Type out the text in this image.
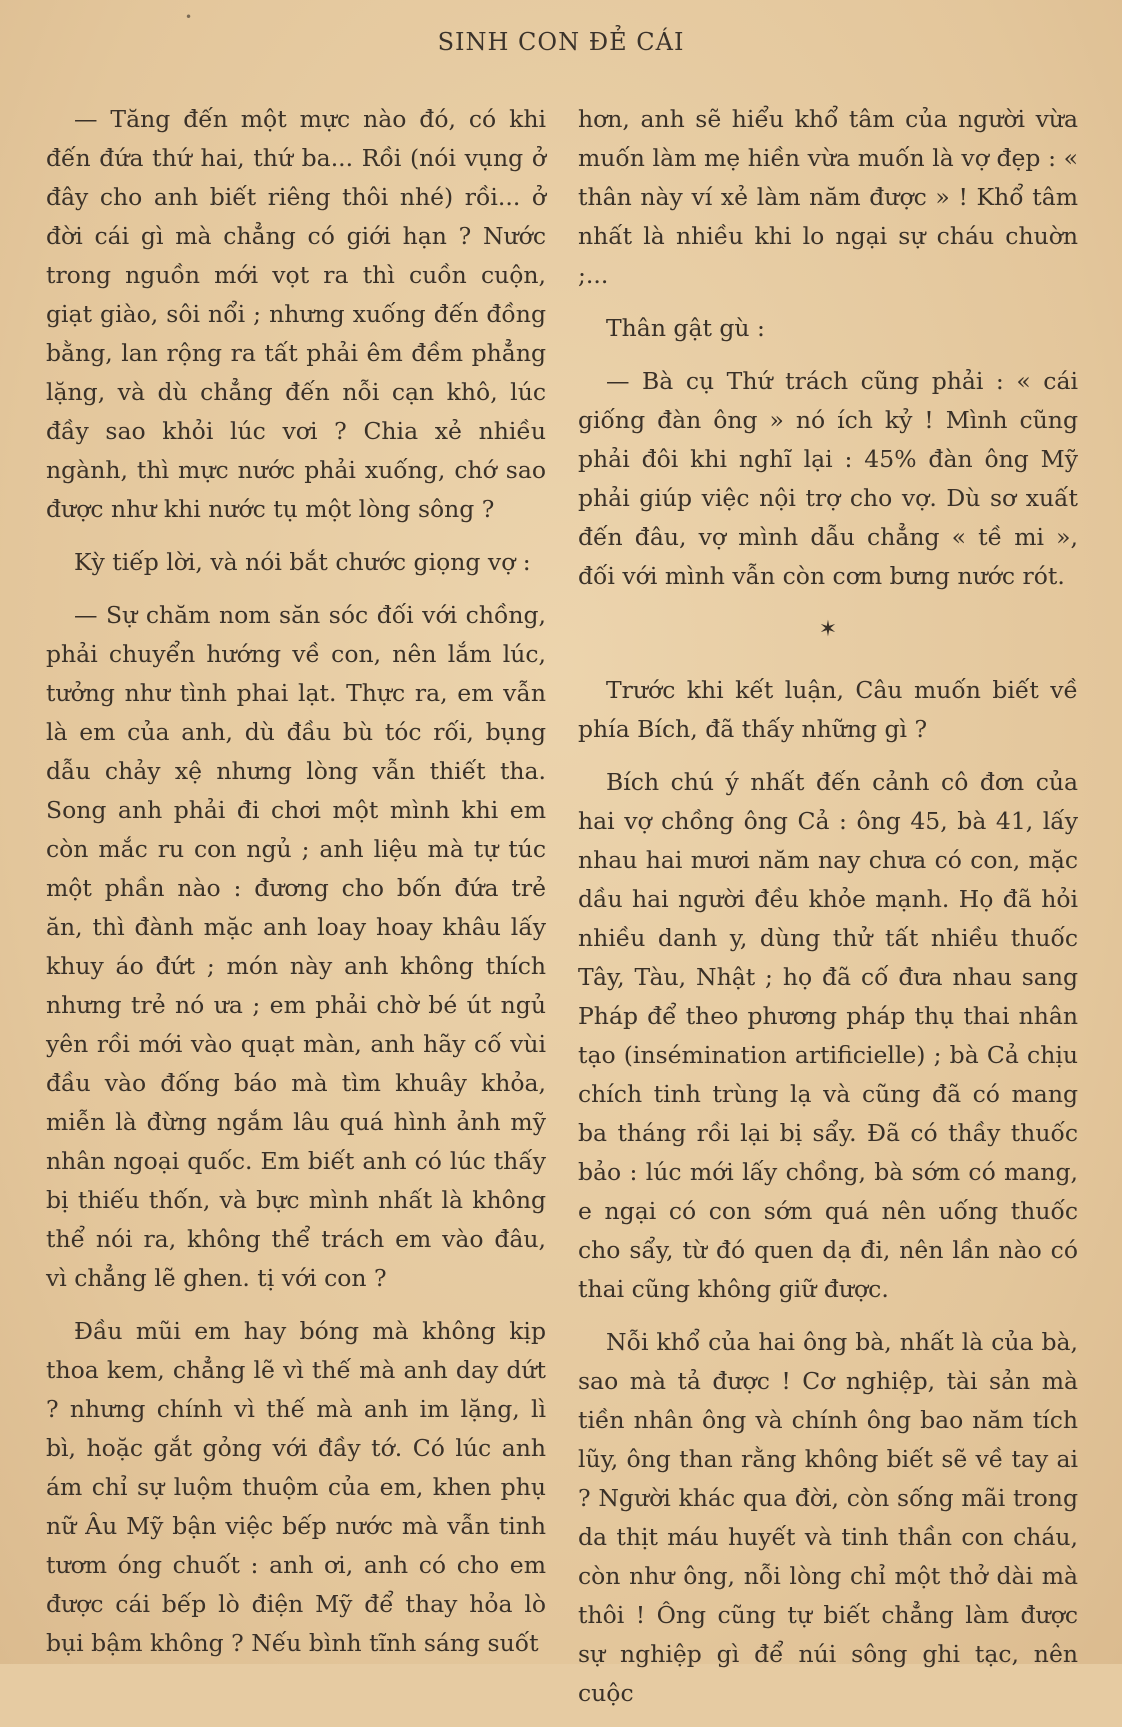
•
SINH CON ĐẺ CÁI

— Tăng đến một mực nào đó, có khi đến đứa thứ hai, thứ ba... Rồi (nói vụng ở đây cho anh biết riêng thôi nhé) rồi... ở đời cái gì mà chẳng có giới hạn ? Nước trong nguồn mới vọt ra thì cuồn cuộn, giạt giào, sôi nổi ; nhưng xuống đến đồng bằng, lan rộng ra tất phải êm đềm phẳng lặng, và dù chẳng đến nỗi cạn khô, lúc đầy sao khỏi lúc vơi ? Chia xẻ nhiều ngành, thì mực nước phải xuống, chớ sao được như khi nước tụ một lòng sông ?

Kỳ tiếp lời, và nói bắt chước giọng vợ :

— Sự chăm nom săn sóc đối với chồng, phải chuyển hướng về con, nên lắm lúc, tưởng như tình phai lạt. Thực ra, em vẫn là em của anh, dù đầu bù tóc rối, bụng dẫu chảy xệ nhưng lòng vẫn thiết tha. Song anh phải đi chơi một mình khi em còn mắc ru con ngủ ; anh liệu mà tự túc một phần nào : đương cho bốn đứa trẻ ăn, thì đành mặc anh loay hoay khâu lấy khuy áo đứt ; món này anh không thích nhưng trẻ nó ưa ; em phải chờ bé út ngủ yên rồi mới vào quạt màn, anh hãy cố vùi đầu vào đống báo mà tìm khuây khỏa, miễn là đừng ngắm lâu quá hình ảnh mỹ nhân ngoại quốc. Em biết anh có lúc thấy bị thiếu thốn, và bực mình nhất là không thể nói ra, không thể trách em vào đâu, vì chẳng lẽ ghen. tị với con ?

Đầu mũi em hay bóng mà không kịp thoa kem, chẳng lẽ vì thế mà anh day dứt ? nhưng chính vì thế mà anh im lặng, lì bì, hoặc gắt gỏng với đầy tớ. Có lúc anh ám chỉ sự luộm thuộm của em, khen phụ nữ Âu Mỹ bận việc bếp nước mà vẫn tinh tươm óng chuốt : anh ơi, anh có cho em được cái bếp lò điện Mỹ để thay hỏa lò bụi bậm không ? Nếu bình tĩnh sáng suốt

hơn, anh sẽ hiểu khổ tâm của người vừa muốn làm mẹ hiền vừa muốn là vợ đẹp : « thân này ví xẻ làm năm được » ! Khổ tâm nhất là nhiều khi lo ngại sự cháu chuờn ;...

Thân gật gù :

— Bà cụ Thứ trách cũng phải : « cái giống đàn ông » nó ích kỷ ! Mình cũng phải đôi khi nghĩ lại : 45% đàn ông Mỹ phải giúp việc nội trợ cho vợ. Dù sơ xuất đến đâu, vợ mình dẫu chẳng « tề mi », đối với mình vẫn còn cơm bưng nước rót.

✶

Trước khi kết luận, Câu muốn biết về phía Bích, đã thấy những gì ?

Bích chú ý nhất đến cảnh cô đơn của hai vợ chồng ông Cả : ông 45, bà 41, lấy nhau hai mươi năm nay chưa có con, mặc dầu hai người đều khỏe mạnh. Họ đã hỏi nhiều danh y, dùng thử tất nhiều thuốc Tây, Tàu, Nhật ; họ đã cố đưa nhau sang Pháp để theo phương pháp thụ thai nhân tạo (insémination artificielle) ; bà Cả chịu chích tinh trùng lạ và cũng đã có mang ba tháng rồi lại bị sẩy. Đã có thầy thuốc bảo : lúc mới lấy chồng, bà sớm có mang, e ngại có con sớm quá nên uống thuốc cho sẩy, từ đó quen dạ đi, nên lần nào có thai cũng không giữ được.

Nỗi khổ của hai ông bà, nhất là của bà, sao mà tả được ! Cơ nghiệp, tài sản mà tiền nhân ông và chính ông bao năm tích lũy, ông than rằng không biết sẽ về tay ai ? Người khác qua đời, còn sống mãi trong da thịt máu huyết và tinh thần con cháu, còn như ông, nỗi lòng chỉ một thở dài mà thôi ! Ông cũng tự biết chẳng làm được sự nghiệp gì để núi sông ghi tạc, nên cuộc
